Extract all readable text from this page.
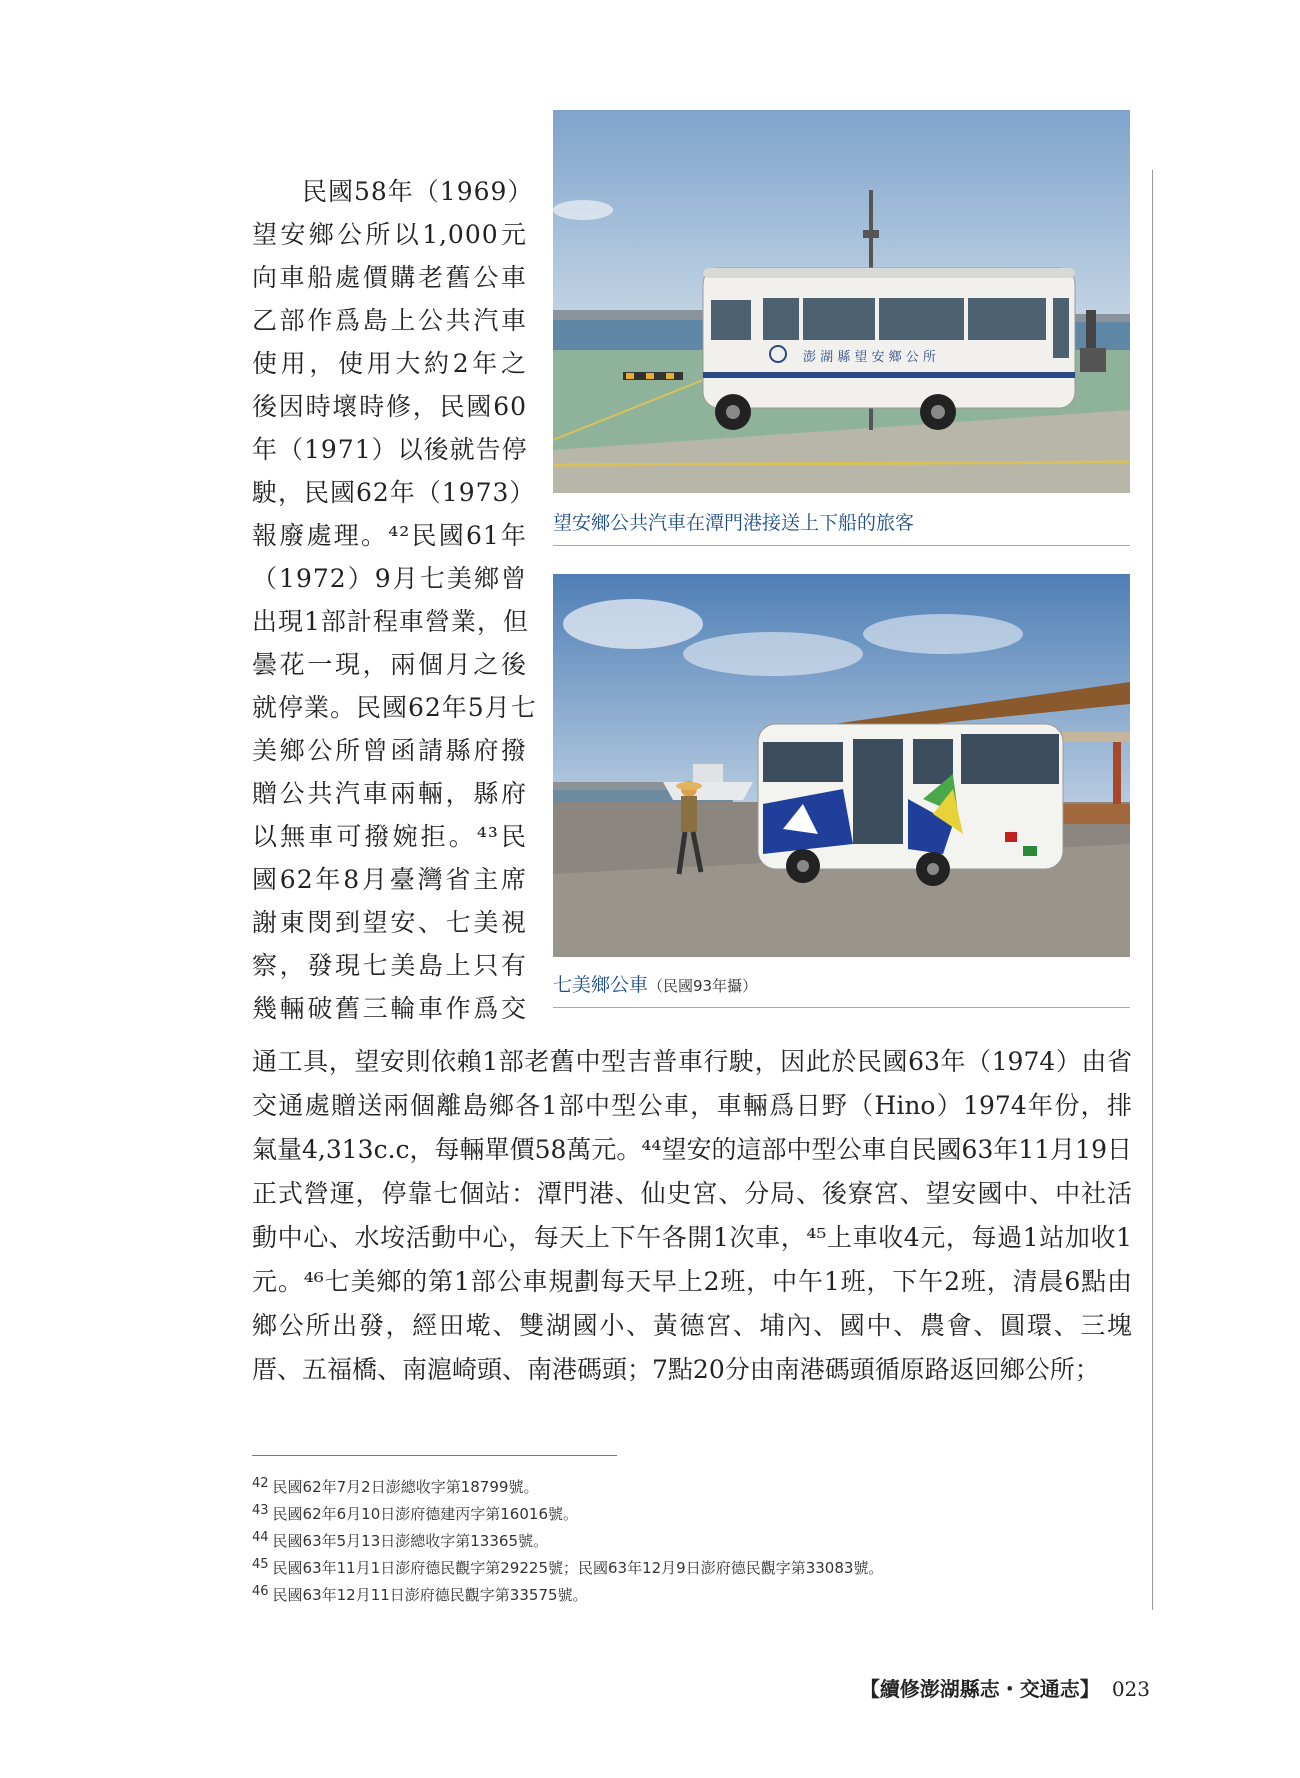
民國58年（1969）
望安鄉公所以1,000元
向車船處價購老舊公車
乙部作爲島上公共汽車
使用，使用大約2年之
後因時壞時修，民國60
年（1971）以後就告停
駛，民國62年（1973）
報廢處理。⁴²民國61年
（1972）9月七美鄉曾
出現1部計程車營業，但
曇花一現，兩個月之後
就停業。民國62年5月七
美鄉公所曾函請縣府撥
贈公共汽車兩輛，縣府
以無車可撥婉拒。⁴³民
國62年8月臺灣省主席
謝東閔到望安、七美視
察，發現七美島上只有
幾輛破舊三輪車作爲交
澎 湖 縣 望 安 鄉 公 所
望安鄉公共汽車在潭門港接送上下船的旅客
七美鄉公車（民國93年攝）
通工具，望安則依賴1部老舊中型吉普車行駛，因此於民國63年（1974）由省
交通處贈送兩個離島鄉各1部中型公車，車輛爲日野（Hino）1974年份，排
氣量4,313c.c，每輛單價58萬元。⁴⁴望安的這部中型公車自民國63年11月19日
正式營運，停靠七個站：潭門港、仙史宮、分局、後寮宮、望安國中、中社活
動中心、水垵活動中心，每天上下午各開1次車，⁴⁵上車收4元，每過1站加收1
元。⁴⁶七美鄉的第1部公車規劃每天早上2班，中午1班，下午2班，清晨6點由
鄉公所出發，經田墘、雙湖國小、黃德宮、埔內、國中、農會、圓環、三塊
厝、五福橋、南滬崎頭、南港碼頭；7點20分由南港碼頭循原路返回鄉公所；
42 民國62年7月2日澎總收字第18799號。
43 民國62年6月10日澎府德建丙字第16016號。
44 民國63年5月13日澎總收字第13365號。
45 民國63年11月1日澎府德民觀字第29225號；民國63年12月9日澎府德民觀字第33083號。
46 民國63年12月11日澎府德民觀字第33575號。
【續修澎湖縣志・交通志】 023
